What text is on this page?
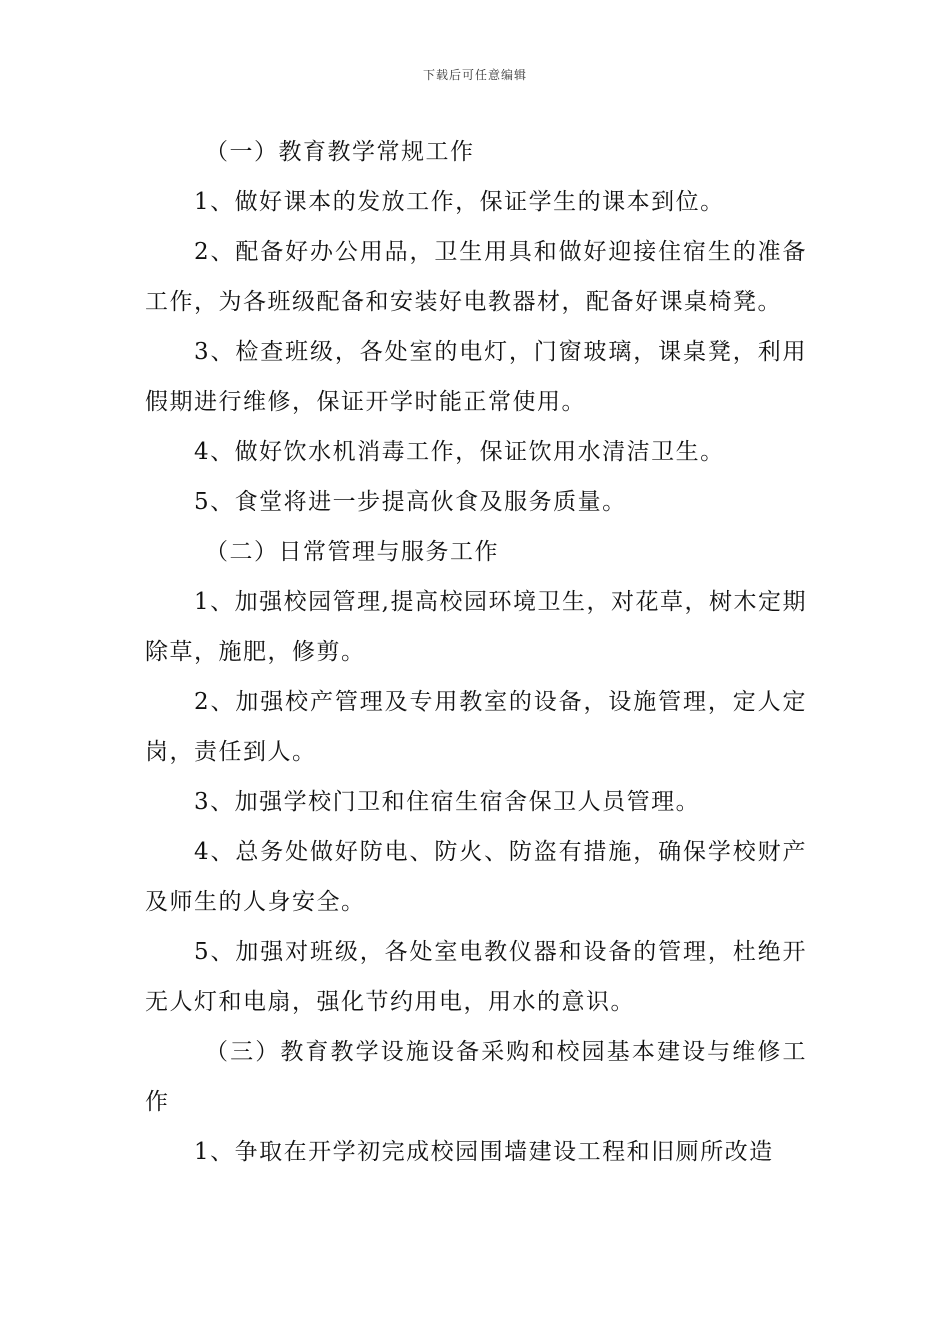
下载后可任意编辑

（一）教育教学常规工作

1、做好课本的发放工作，保证学生的课本到位。

2、配备好办公用品，卫生用具和做好迎接住宿生的准备工作，为各班级配备和安装好电教器材，配备好课桌椅凳。

3、检查班级，各处室的电灯，门窗玻璃，课桌凳，利用假期进行维修，保证开学时能正常使用。

4、做好饮水机消毒工作，保证饮用水清洁卫生。

5、食堂将进一步提高伙食及服务质量。

（二）日常管理与服务工作

1、加强校园管理,提高校园环境卫生，对花草，树木定期除草，施肥，修剪。

2、加强校产管理及专用教室的设备，设施管理，定人定岗，责任到人。

3、加强学校门卫和住宿生宿舍保卫人员管理。

4、总务处做好防电、防火、防盗有措施，确保学校财产及师生的人身安全。

5、加强对班级，各处室电教仪器和设备的管理，杜绝开无人灯和电扇，强化节约用电，用水的意识。

（三）教育教学设施设备采购和校园基本建设与维修工作

1、争取在开学初完成校园围墙建设工程和旧厕所改造
